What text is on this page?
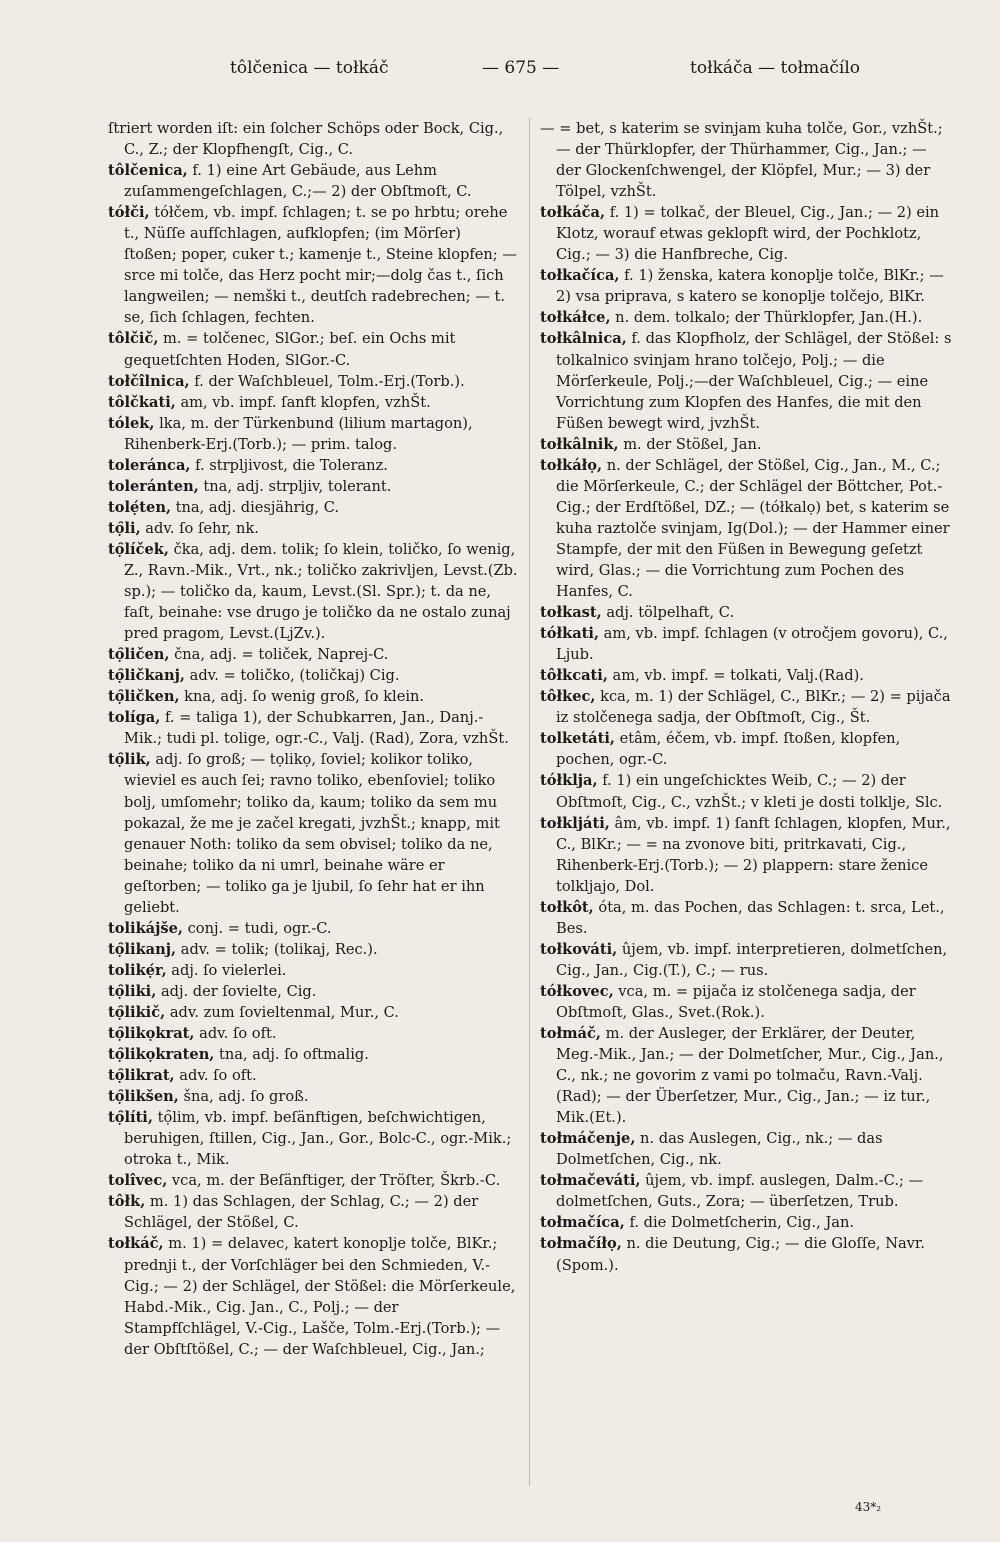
tôlčenica — tołkáč	— 675 —	tołkáča — tołmačílo

ſtriert worden iſt: ein ſolcher Schöps oder Bock, Cig., C., Z.; der Klopfhengſt, Cig., C.

tôlčenica, f. 1) eine Art Gebäude, aus Lehm zuſammengeſchlagen, C.;— 2) der Obſtmoſt, C.

tółči, tółčem, vb. impf. ſchlagen; t. se po hrbtu; orehe t., Nüſſe aufſchlagen, aufklopfen; (im Mörſer) ſtoßen; poper, cuker t.; kamenje t., Steine klopfen; — srce mi tolče, das Herz pocht mir;—dolg čas t., ſich langweilen; — nemški t., deutſch radebrechen; — t. se, ſich ſchlagen, fechten.

tôlčič, m. = tolčenec, SlGor.; beſ. ein Ochs mit gequetſchten Hoden, SlGor.-C.

tołčîlnica, f. der Waſchbleuel, Tolm.-Erj.(Torb.).

tôlčkati, am, vb. impf. ſanft klopfen, vzhŠt.

tólek, lka, m. der Türkenbund (lilium martagon), Rihenberk-Erj.(Torb.); — prim. talog.

toleránca, f. strpljivost, die Toleranz.

toleránten, tna, adj. strpljiv, tolerant.

tolẹ́ten, tna, adj. diesjährig, C.

tọ̑li, adv. ſo ſehr, nk.

tọ̑líček, čka, adj. dem. tolik; ſo klein, toličko, ſo wenig, Z., Ravn.-Mik., Vrt., nk.; toličko zakrivljen, Levst.(Zb. sp.); — toličko da, kaum, Levst.(Sl. Spr.); t. da ne, faſt, beinahe: vse drugo je toličko da ne ostalo zunaj pred pragom, Levst.(LjZv.).

tọ̑ličen, čna, adj. = toliček, Naprej-C.

tọ̑ličkanj, adv. = toličko, (toličkaj) Cig.

tọ̑ličken, kna, adj. ſo wenig groß, ſo klein.

tolíga, f. = taliga 1), der Schubkarren, Jan., Danj.-Mik.; tudi pl. tolige, ogr.-C., Valj. (Rad), Zora, vzhŠt.

tọ̑lik, adj. ſo groß; — tọlikọ, ſoviel; kolikor toliko, wieviel es auch ſei; ravno toliko, ebenſoviel; toliko bolj, umſomehr; toliko da, kaum; toliko da sem mu pokazal, že me je začel kregati, jvzhŠt.; knapp, mit genauer Noth: toliko da sem obvisel; toliko da ne, beinahe; toliko da ni umrl, beinahe wäre er geſtorben; — toliko ga je ljubil, ſo ſehr hat er ihn geliebt.

tolikájše, conj. = tudi, ogr.-C.

tọ̑likanj, adv. = tolik; (tolikaj, Rec.).

tolikẹ́r, adj. ſo vielerlei.

tọ̑liki, adj. der ſovielte, Cig.

tọ̑likič, adv. zum ſovieltenmal, Mur., C.

tọ̑likọkrat, adv. ſo oft.

tọ̑likọkraten, tna, adj. ſo oftmalig.

tọ̑likrat, adv. ſo oft.

tọ̑likšen, šna, adj. ſo groß.

tọ̑líti, tọ̑lim, vb. impf. beſänftigen, beſchwichtigen, beruhigen, ſtillen, Cig., Jan., Gor., Bolc-C., ogr.-Mik.; otroka t., Mik.

tolîvec, vca, m. der Beſänftiger, der Tröſter, Škrb.-C.

tôłk, m. 1) das Schlagen, der Schlag, C.; — 2) der Schlägel, der Stößel, C.

tołkáč, m. 1) = delavec, katert konoplje tolče, BlKr.; prednji t., der Vorſchläger bei den Schmieden, V.-Cig.; — 2) der Schlägel, der Stößel: die Mörſerkeule, Habd.-Mik., Cig. Jan., C., Polj.; — der Stampfſchlägel, V.-Cig., Lašče, Tolm.-Erj.(Torb.); — der Obſtſtößel, C.; — der Waſchbleuel, Cig., Jan.;

— = bet, s katerim se svinjam kuha tolče, Gor., vzhŠt.; — der Thürklopfer, der Thürhammer, Cig., Jan.; — der Glockenſchwengel, der Klöpfel, Mur.; — 3) der Tölpel, vzhŠt.

tołkáča, f. 1) = tolkač, der Bleuel, Cig., Jan.; — 2) ein Klotz, worauf etwas geklopft wird, der Pochklotz, Cig.; — 3) die Hanfbreche, Cig.

tołkačíca, f. 1) ženska, katera konoplje tolče, BlKr.; — 2) vsa priprava, s katero se konoplje tolčejo, BlKr.

tołkáłce, n. dem. tolkalo; der Thürklopfer, Jan.(H.).

tołkâlnica, f. das Klopfholz, der Schlägel, der Stößel: s tolkalnico svinjam hrano tolčejo, Polj.; — die Mörſerkeule, Polj.;—der Waſchbleuel, Cig.; — eine Vorrichtung zum Klopfen des Hanfes, die mit den Füßen bewegt wird, jvzhŠt.

tołkâlnik, m. der Stößel, Jan.

tołkáłọ, n. der Schlägel, der Stößel, Cig., Jan., M., C.; die Mörſerkeule, C.; der Schlägel der Böttcher, Pot.-Cig.; der Erdſtößel, DZ.; — (tółkalọ) bet, s katerim se kuha raztolče svinjam, Ig(Dol.); — der Hammer einer Stampfe, der mit den Füßen in Bewegung geſetzt wird, Glas.; — die Vorrichtung zum Pochen des Hanfes, C.

tołkast, adj. tölpelhaft, C.

tółkati, am, vb. impf. ſchlagen (v otročjem govoru), C., Ljub.

tôłkcati, am, vb. impf. = tolkati, Valj.(Rad).

tôłkec, kca, m. 1) der Schlägel, C., BlKr.; — 2) = pijača iz stolčenega sadja, der Obſtmoſt, Cig., Št.

tolketáti, etâm, éčem, vb. impf. ſtoßen, klopfen, pochen, ogr.-C.

tółklja, f. 1) ein ungeſchicktes Weib, C.; — 2) der Obſtmoſt, Cig., C., vzhŠt.; v kleti je dosti tolklje, Slc.

tołkljáti, âm, vb. impf. 1) ſanft ſchlagen, klopfen, Mur., C., BlKr.; — = na zvonove biti, pritrkavati, Cig., Rihenberk-Erj.(Torb.); — 2) plappern: stare ženice tolkljajo, Dol.

tołkôt, óta, m. das Pochen, das Schlagen: t. srca, Let., Bes.

tołkováti, ûjem, vb. impf. interpretieren, dolmetſchen, Cig., Jan., Cig.(T.), C.; — rus.

tółkovec, vca, m. = pijača iz stolčenega sadja, der Obſtmoſt, Glas., Svet.(Rok.).

tołmáč, m. der Ausleger, der Erklärer, der Deuter, Meg.-Mik., Jan.; — der Dolmetſcher, Mur., Cig., Jan., C., nk.; ne govorim z vami po tolmaču, Ravn.-Valj.(Rad); — der Überſetzer, Mur., Cig., Jan.; — iz tur., Mik.(Et.).

tołmáčenje, n. das Auslegen, Cig., nk.; — das Dolmetſchen, Cig., nk.

tołmačeváti, ûjem, vb. impf. auslegen, Dalm.-C.; — dolmetſchen, Guts., Zora; — überſetzen, Trub.

tołmačíca, f. die Dolmetſcherin, Cig., Jan.

tołmačíłọ, n. die Deutung, Cig.; — die Gloſſe, Navr.(Spom.).

43*₂
